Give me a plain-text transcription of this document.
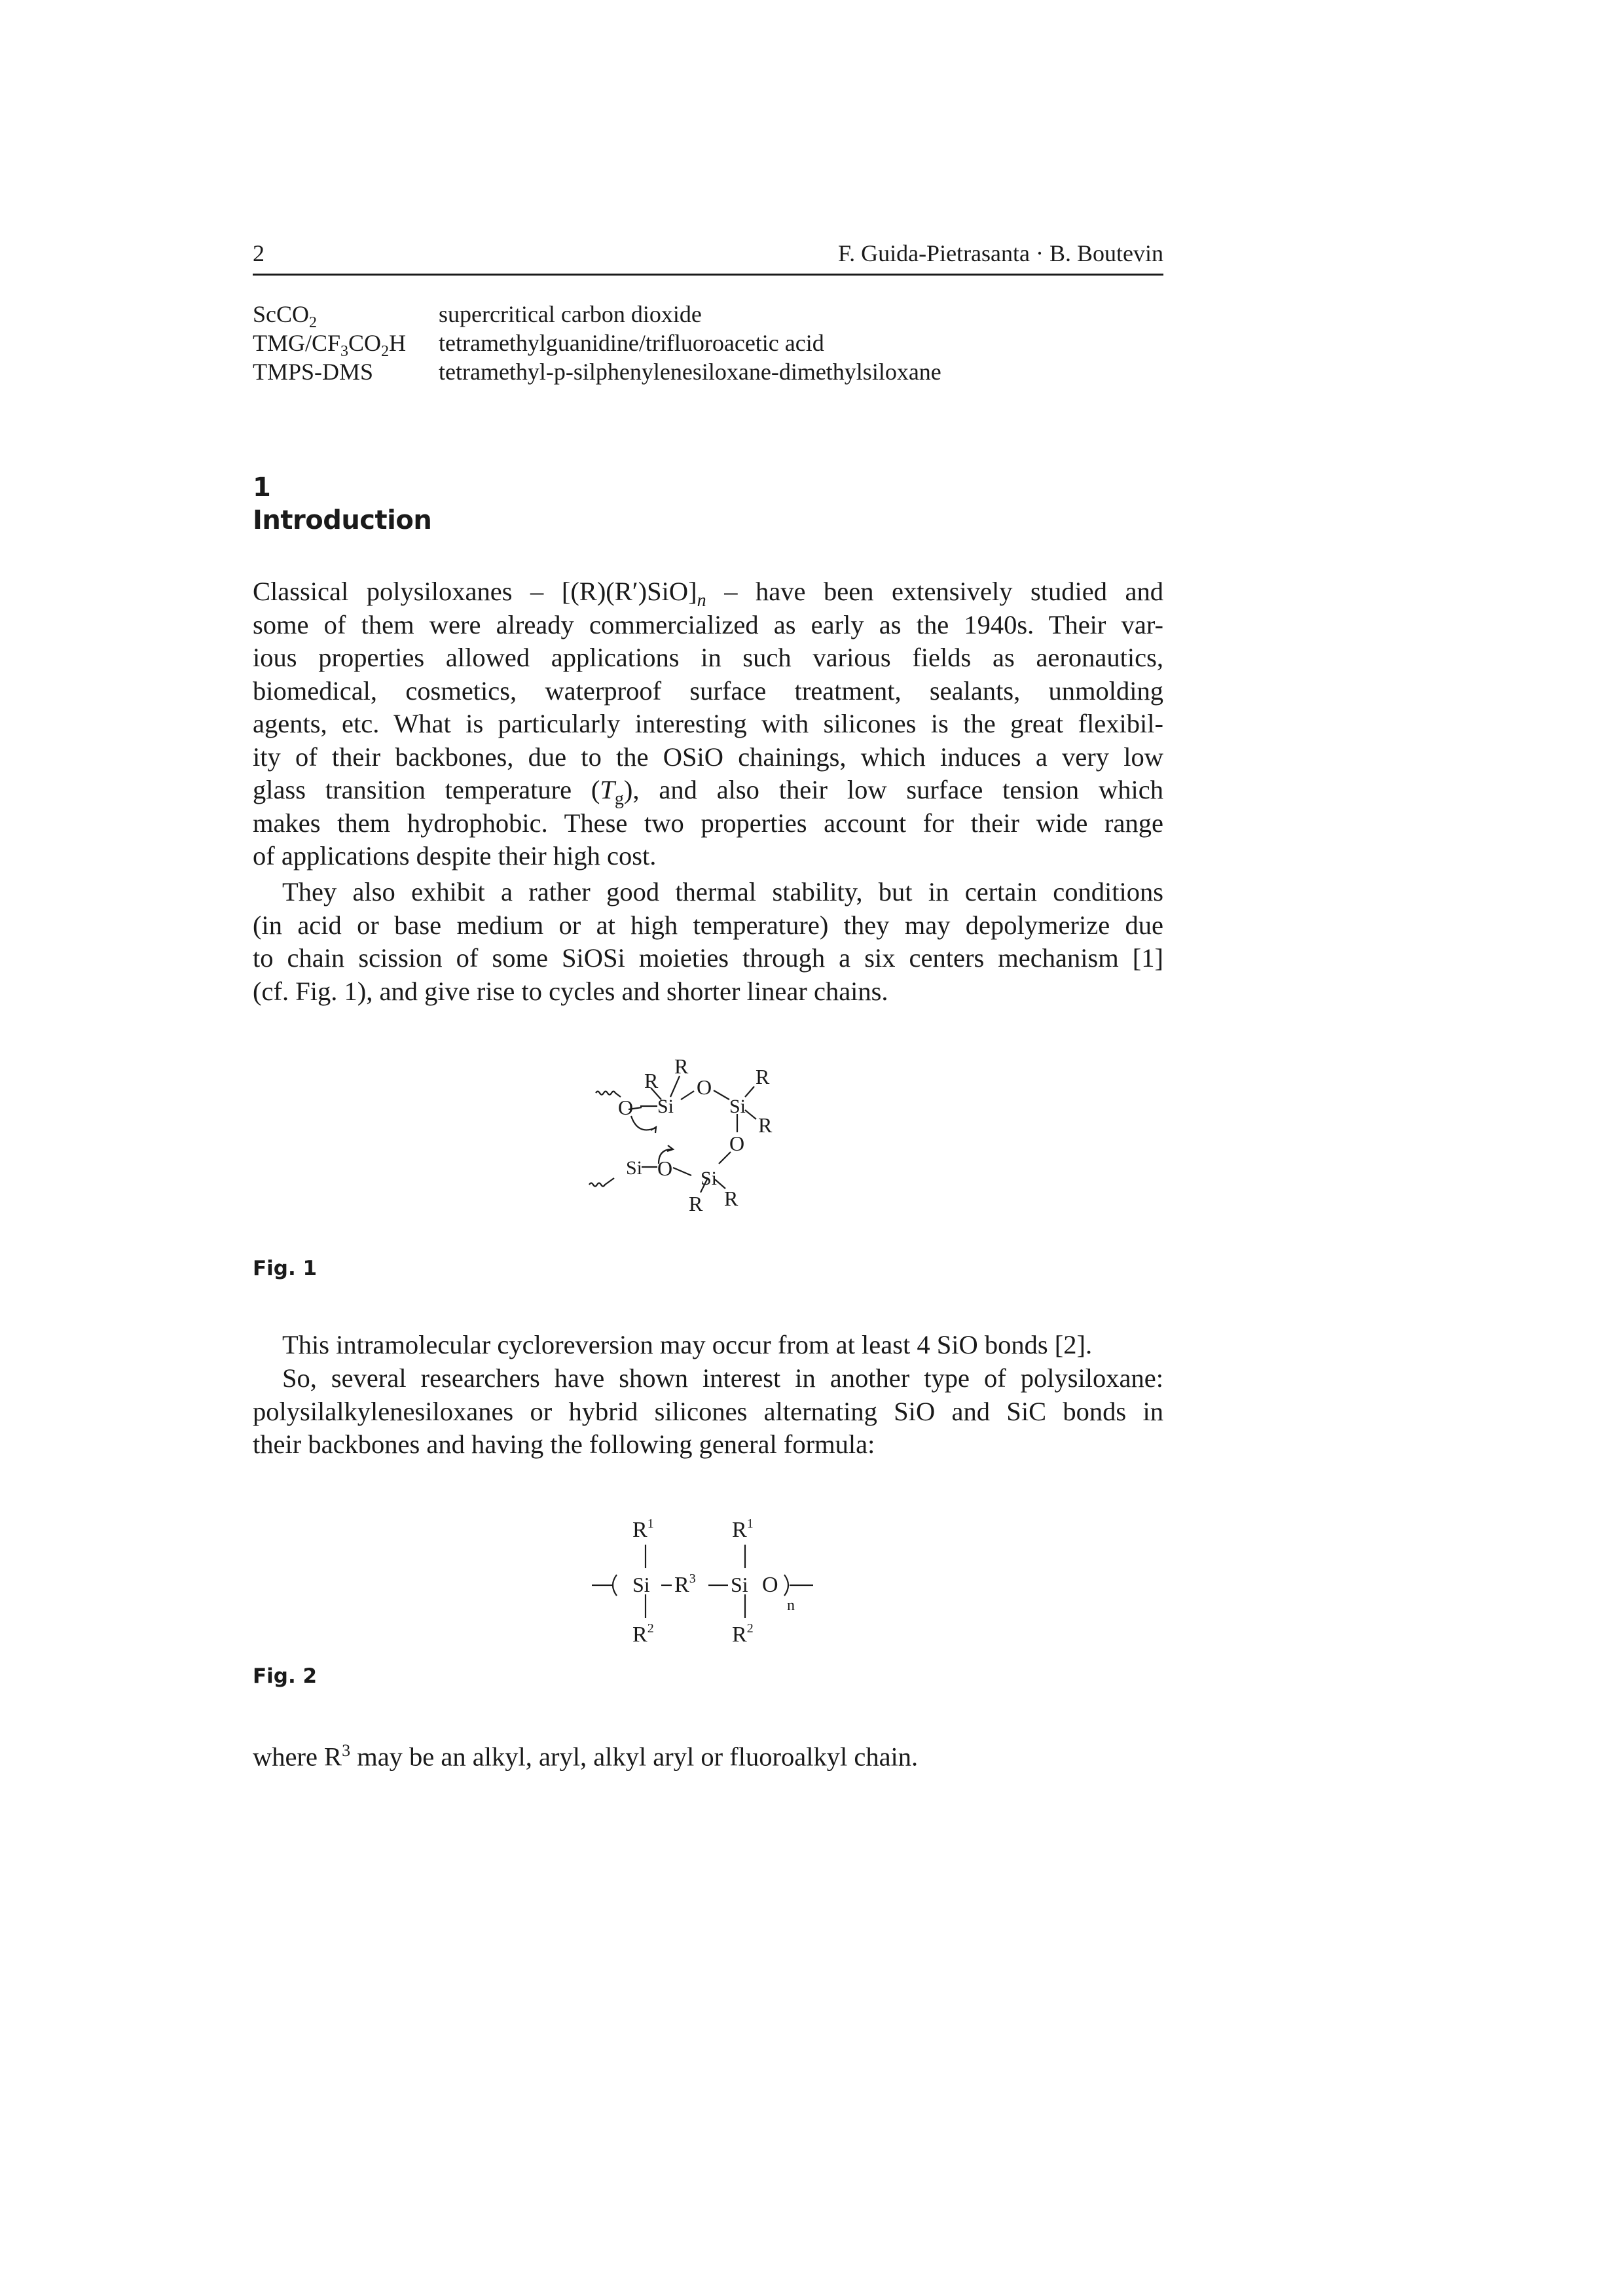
2	F. Guida-Pietrasanta · B. Boutevin
ScCO$_2$	supercritical carbon dioxide
TMG/$CF_3CO_2H$ tetramethylguanidine/trifluoroacetic acid
TMPS-DMS	tetramethyl-p-silphenylenesiloxane-dimethylsiloxane
1
Introduction
Classical polysiloxanes – $[(R)(R')SiO]_n$ – have been extensively studied and
some of them were already commercialized as early as the 1940s. Their var-
ious properties allowed applications in such various fields as aeronautics,
biomedical, cosmetics, waterproof surface treatment, sealants, unmolding
agents, etc. What is particularly interesting with silicones is the great flexibil-
ity of their backbones, due to the OSiO chainings, which induces a very low
glass transition temperature $(T_g)$, and also their low surface tension which
makes them hydrophobic. These two properties account for their wide range
of applications despite their high cost.
They also exhibit a rather good thermal stability, but in certain conditions
(in acid or base medium or at high temperature) they may depolymerize due
to chain scission of some SiOSi moieties through a six centers mechanism [1]
(cf. Fig. 1), and give rise to cycles and shorter linear chains.
R
R
O Si
O R
Si
R
O
Si O Si
R R
Fig. 1
This intramolecular cycloreversion may occur from at least 4 SiO bonds [2].
So, several researchers have shown interest in another type of polysiloxane:
polysilalkylenesiloxanes or hybrid silicones alternating SiO and SiC bonds in
their backbones and having the following general formula:
$R^1$	$R^1$
Si $R^3$ Si O
n
$R^2$	$R^2$
Fig. 2
where $R^3$ may be an alkyl, aryl, alkyl aryl or fluoroalkyl chain.
